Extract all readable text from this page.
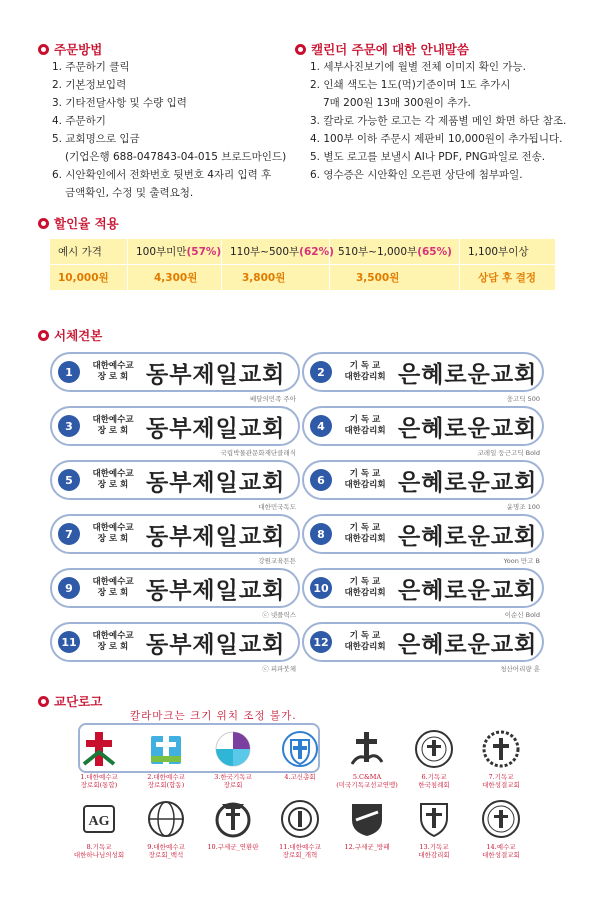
주문방법
1. 주문하기 클릭
2. 기본정보입력
3. 기타전달사항 및 수량 입력
4. 주문하기
5. 교회명으로 입금
(기업은행 688-047843-04-015 브로드마인드)
6. 시안확인에서 전화번호 뒷번호 4자리 입력 후
금액확인, 수정 및 출력요청.
캘린더 주문에 대한 안내말씀
1. 세부사진보기에 월별 전체 이미지 확인 가능.
2. 인쇄 색도는 1도(먹)기준이며 1도 추가시
7매 200원 13매 300원이 추가.
3. 칼라로 가능한 로고는 각 제품별 메인 화면 하단 참조.
4. 100부 이하 주문시 제판비 10,000원이 추가됩니다.
5. 별도 로고를 보낼시 AI나 PDF, PNG파일로 전송.
6. 영수증은 시안확인 오른편 상단에 첨부파일.
할인율 적용
예시 가격	100부미만 (57%) 110부~500부 (62%) 510부~1,000부 (65%) 1,100부이상
10,000원	4,300원	3,800원	3,500원	상담 후 결정
서체견본
1	대한예수교
장 로 회 동부제일교회
배달의민족 주아
2	기 독 교
대한감리회 은혜로운교회
웅고딕 500
3	대한예수교
장 로 회 동부제일교회
국립박물관문화재단클래식
4	기 독 교
대한감리회 은혜로운교회
코레일 둥근고딕 Bold
5	대한예수교
장 로 회 동부제일교회
대한민국독도
6	기 독 교
대한감리회 은혜로운교회
윤명조 100
7	대한예수교
장 로 회 동부제일교회
강원교육튼튼
8	기 독 교
대한감리회 은혜로운교회
Yoon 만고 B
9	대한예수교
장 로 회 동부제일교회
ⓒ 넷플릭스
10	기 독 교
대한감리회 은혜로운교회
이순신 Bold
11	대한예수교
장 로 회 동부제일교회
ⓒ 피파붓체
12	기 독 교
대한감리회 은혜로운교회
청산어리량 훈
교단로고
칼라마크는 크기 위치 조정 불가.
1.대한예수교
장로회(통합)
2.대한예수교
장로회(합동)
3.한국기독교
장로회
4.고신총회	5.C&MA
(미국기독교선교연맹)
6.기독교
한국침례회
7.기독교
대한성결교회
AG
8.기독교
대한하나님의성회
9.대한예수교
장로회_백석
10.구세군_연환판	11.대한예수교
장로회_개혁
12.구세군_방패	13.기독교
대한감리회
14.예수교
대한성결교회
